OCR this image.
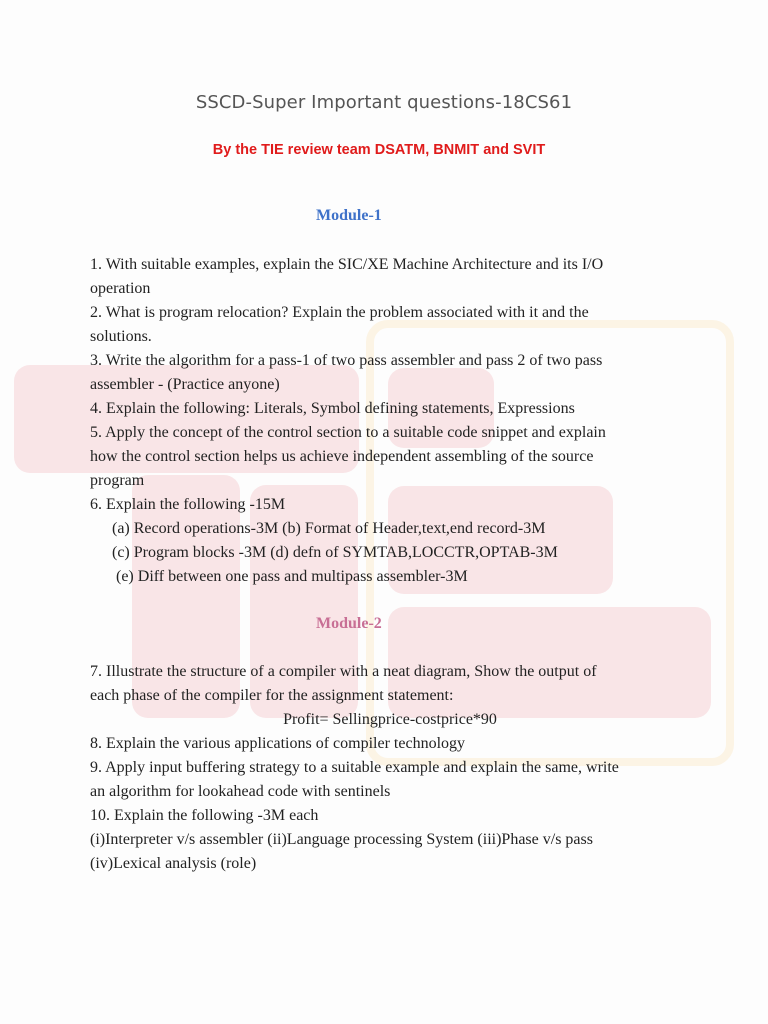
SSCD-Super Important questions-18CS61
By the TIE review team DSATM, BNMIT and SVIT
Module-1
1. With suitable examples, explain the SIC/XE Machine Architecture and its I/O
operation
2. What is program relocation? Explain the problem associated with it and the
solutions.
3. Write the algorithm for a pass-1 of two pass assembler and pass 2 of two pass
assembler - (Practice anyone)
4. Explain the following: Literals, Symbol defining statements, Expressions
5. Apply the concept of the control section to a suitable code snippet and explain
how the control section helps us achieve independent assembling of the source
program
6. Explain the following -15M
(a) Record operations-3M (b) Format of Header,text,end record-3M
(c) Program blocks -3M (d) defn of SYMTAB,LOCCTR,OPTAB-3M
(e) Diff between one pass and multipass assembler-3M
Module-2
7. Illustrate the structure of a compiler with a neat diagram, Show the output of
each phase of the compiler for the assignment statement:
Profit= Sellingprice-costprice*90
8. Explain the various applications of compiler technology
9. Apply input buffering strategy to a suitable example and explain the same, write
an algorithm for lookahead code with sentinels
10. Explain the following -3M each
(i)Interpreter v/s assembler (ii)Language processing System (iii)Phase v/s pass
(iv)Lexical analysis (role)
